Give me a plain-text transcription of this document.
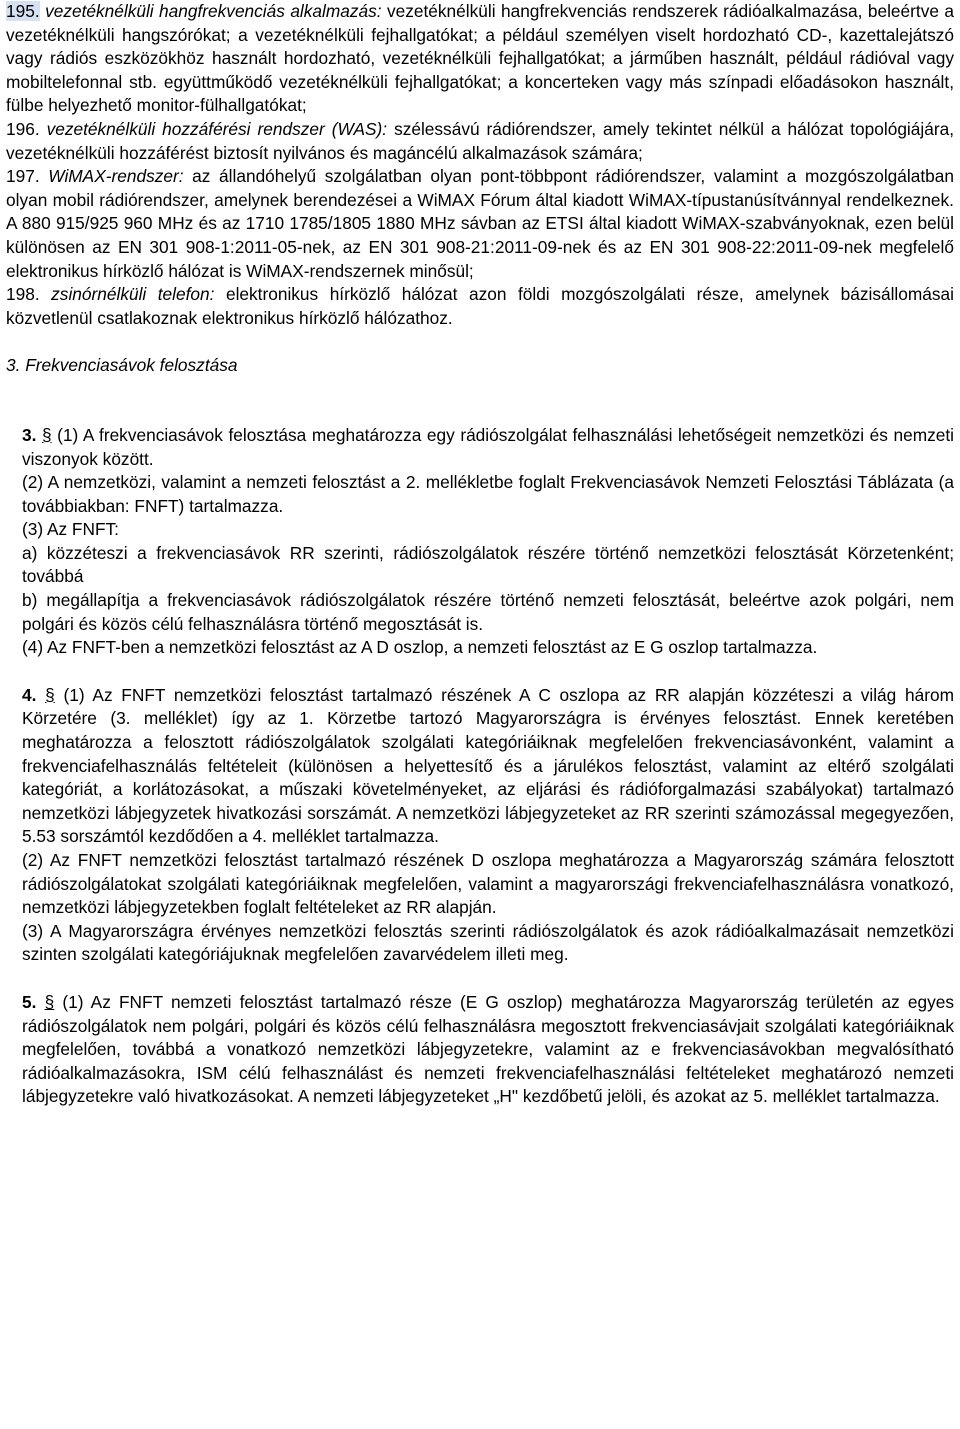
195. vezetéknélküli hangfrekvenciás alkalmazás: vezetéknélküli hangfrekvenciás rendszerek rádióalkalmazása, beleértve a vezetéknélküli hangszórókat; a vezetéknélküli fejhallgatókat; a például személyen viselt hordozható CD-, kazettalejátszó vagy rádiós eszközökhöz használt hordozható, vezetéknélküli fejhallgatókat; a járműben használt, például rádióval vagy mobiltelefonnal stb. együttműködő vezetéknélküli fejhallgatókat; a koncerteken vagy más színpadi előadásokon használt, fülbe helyezhető monitor-fülhallgatókat;

196. vezetéknélküli hozzáférési rendszer (WAS): szélessávú rádiórendszer, amely tekintet nélkül a hálózat topológiájára, vezetéknélküli hozzáférést biztosít nyilvános és magáncélú alkalmazások számára;

197. WiMAX-rendszer: az állandóhelyű szolgálatban olyan pont-többpont rádiórendszer, valamint a mozgószolgálatban olyan mobil rádiórendszer, amelynek berendezései a WiMAX Fórum által kiadott WiMAX-típustanúsítvánnyal rendelkeznek. A 880 915/925 960 MHz és az 1710 1785/1805 1880 MHz sávban az ETSI által kiadott WiMAX-szabványoknak, ezen belül különösen az EN 301 908-1:2011-05-nek, az EN 301 908-21:2011-09-nek és az EN 301 908-22:2011-09-nek megfelelő elektronikus hírközlő hálózat is WiMAX-rendszernek minősül;

198. zsinórnélküli telefon: elektronikus hírközlő hálózat azon földi mozgószolgálati része, amelynek bázisállomásai közvetlenül csatlakoznak elektronikus hírközlő hálózathoz.

3. Frekvenciasávok felosztása

3. § (1) A frekvenciasávok felosztása meghatározza egy rádiószolgálat felhasználási lehetőségeit nemzetközi és nemzeti viszonyok között.

(2) A nemzetközi, valamint a nemzeti felosztást a 2. mellékletbe foglalt Frekvenciasávok Nemzeti Felosztási Táblázata (a továbbiakban: FNFT) tartalmazza.

(3) Az FNFT:

a) közzéteszi a frekvenciasávok RR szerinti, rádiószolgálatok részére történő nemzetközi felosztását Körzetenként; továbbá

b) megállapítja a frekvenciasávok rádiószolgálatok részére történő nemzeti felosztását, beleértve azok polgári, nem polgári és közös célú felhasználásra történő megosztását is.

(4) Az FNFT-ben a nemzetközi felosztást az A D oszlop, a nemzeti felosztást az E G oszlop tartalmazza.

4. § (1) Az FNFT nemzetközi felosztást tartalmazó részének A C oszlopa az RR alapján közzéteszi a világ három Körzetére (3. melléklet) így az 1. Körzetbe tartozó Magyarországra is érvényes felosztást. Ennek keretében meghatározza a felosztott rádiószolgálatok szolgálati kategóriáiknak megfelelően frekvenciasávonként, valamint a frekvenciafelhasználás feltételeit (különösen a helyettesítő és a járulékos felosztást, valamint az eltérő szolgálati kategóriát, a korlátozásokat, a műszaki követelményeket, az eljárási és rádióforgalmazási szabályokat) tartalmazó nemzetközi lábjegyzetek hivatkozási sorszámát. A nemzetközi lábjegyzeteket az RR szerinti számozással megegyezően, 5.53 sorszámtól kezdődően a 4. melléklet tartalmazza.

(2) Az FNFT nemzetközi felosztást tartalmazó részének D oszlopa meghatározza a Magyarország számára felosztott rádiószolgálatokat szolgálati kategóriáiknak megfelelően, valamint a magyarországi frekvenciafelhasználásra vonatkozó, nemzetközi lábjegyzetekben foglalt feltételeket az RR alapján.

(3) A Magyarországra érvényes nemzetközi felosztás szerinti rádiószolgálatok és azok rádióalkalmazásait nemzetközi szinten szolgálati kategóriájuknak megfelelően zavarvédelem illeti meg.

5. § (1) Az FNFT nemzeti felosztást tartalmazó része (E G oszlop) meghatározza Magyarország területén az egyes rádiószolgálatok nem polgári, polgári és közös célú felhasználásra megosztott frekvenciasávjait szolgálati kategóriáiknak megfelelően, továbbá a vonatkozó nemzetközi lábjegyzetekre, valamint az e frekvenciasávokban megvalósítható rádióalkalmazásokra, ISM célú felhasználást és nemzeti frekvenciafelhasználási feltételeket meghatározó nemzeti lábjegyzetekre való hivatkozásokat. A nemzeti lábjegyzeteket „H" kezdőbetű jelöli, és azokat az 5. melléklet tartalmazza.
